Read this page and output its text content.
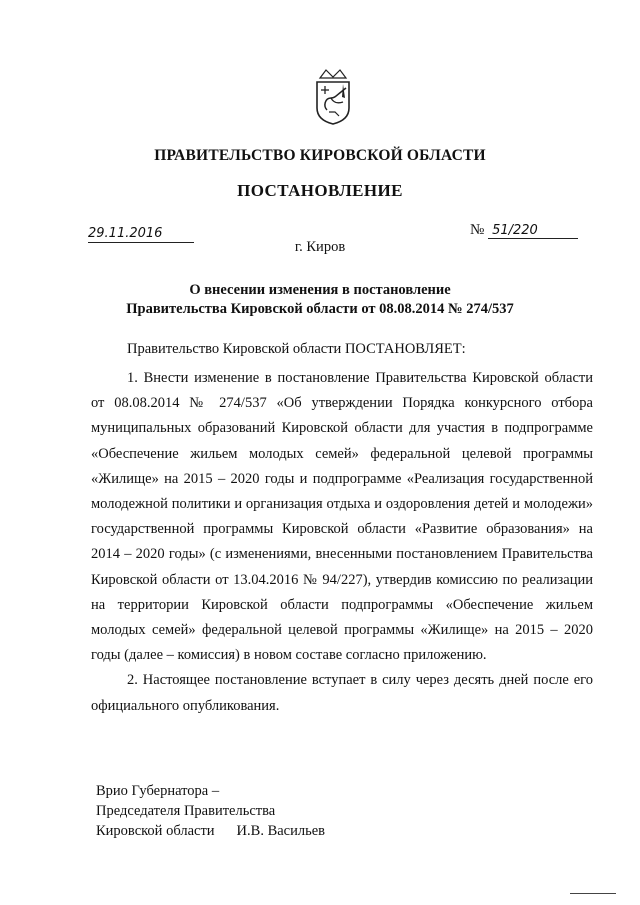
ПРАВИТЕЛЬСТВО КИРОВСКОЙ ОБЛАСТИ
ПОСТАНОВЛЕНИЕ
29.11.2016	№ 51/220
г. Киров
О внесении изменения в постановление
Правительства Кировской области от 08.08.2014 № 274/537
Правительство Кировской области ПОСТАНОВЛЯЕТ:

1. Внести изменение в постановление Правительства Кировской области от 08.08.2014 № 274/537 «Об утверждении Порядка конкурсного отбора муниципальных образований Кировской области для участия в подпрограмме «Обеспечение жильем молодых семей» федеральной целевой программы «Жилище» на 2015 – 2020 годы и подпрограмме «Реализация государственной молодежной политики и организация отдыха и оздоровления детей и молодежи» государственной программы Кировской области «Развитие образования» на 2014 – 2020 годы» (с изменениями, внесенными постановлением Правительства Кировской области от 13.04.2016 № 94/227), утвердив комиссию по реализации на территории Кировской области подпрограммы «Обеспечение жильем молодых семей» федеральной целевой программы «Жилище» на 2015 – 2020 годы (далее – комиссия) в новом составе согласно приложению.

2. Настоящее постановление вступает в силу через десять дней после его официального опубликования.

Врио Губернатора –
Председателя Правительства
Кировской области И.В. Васильев
